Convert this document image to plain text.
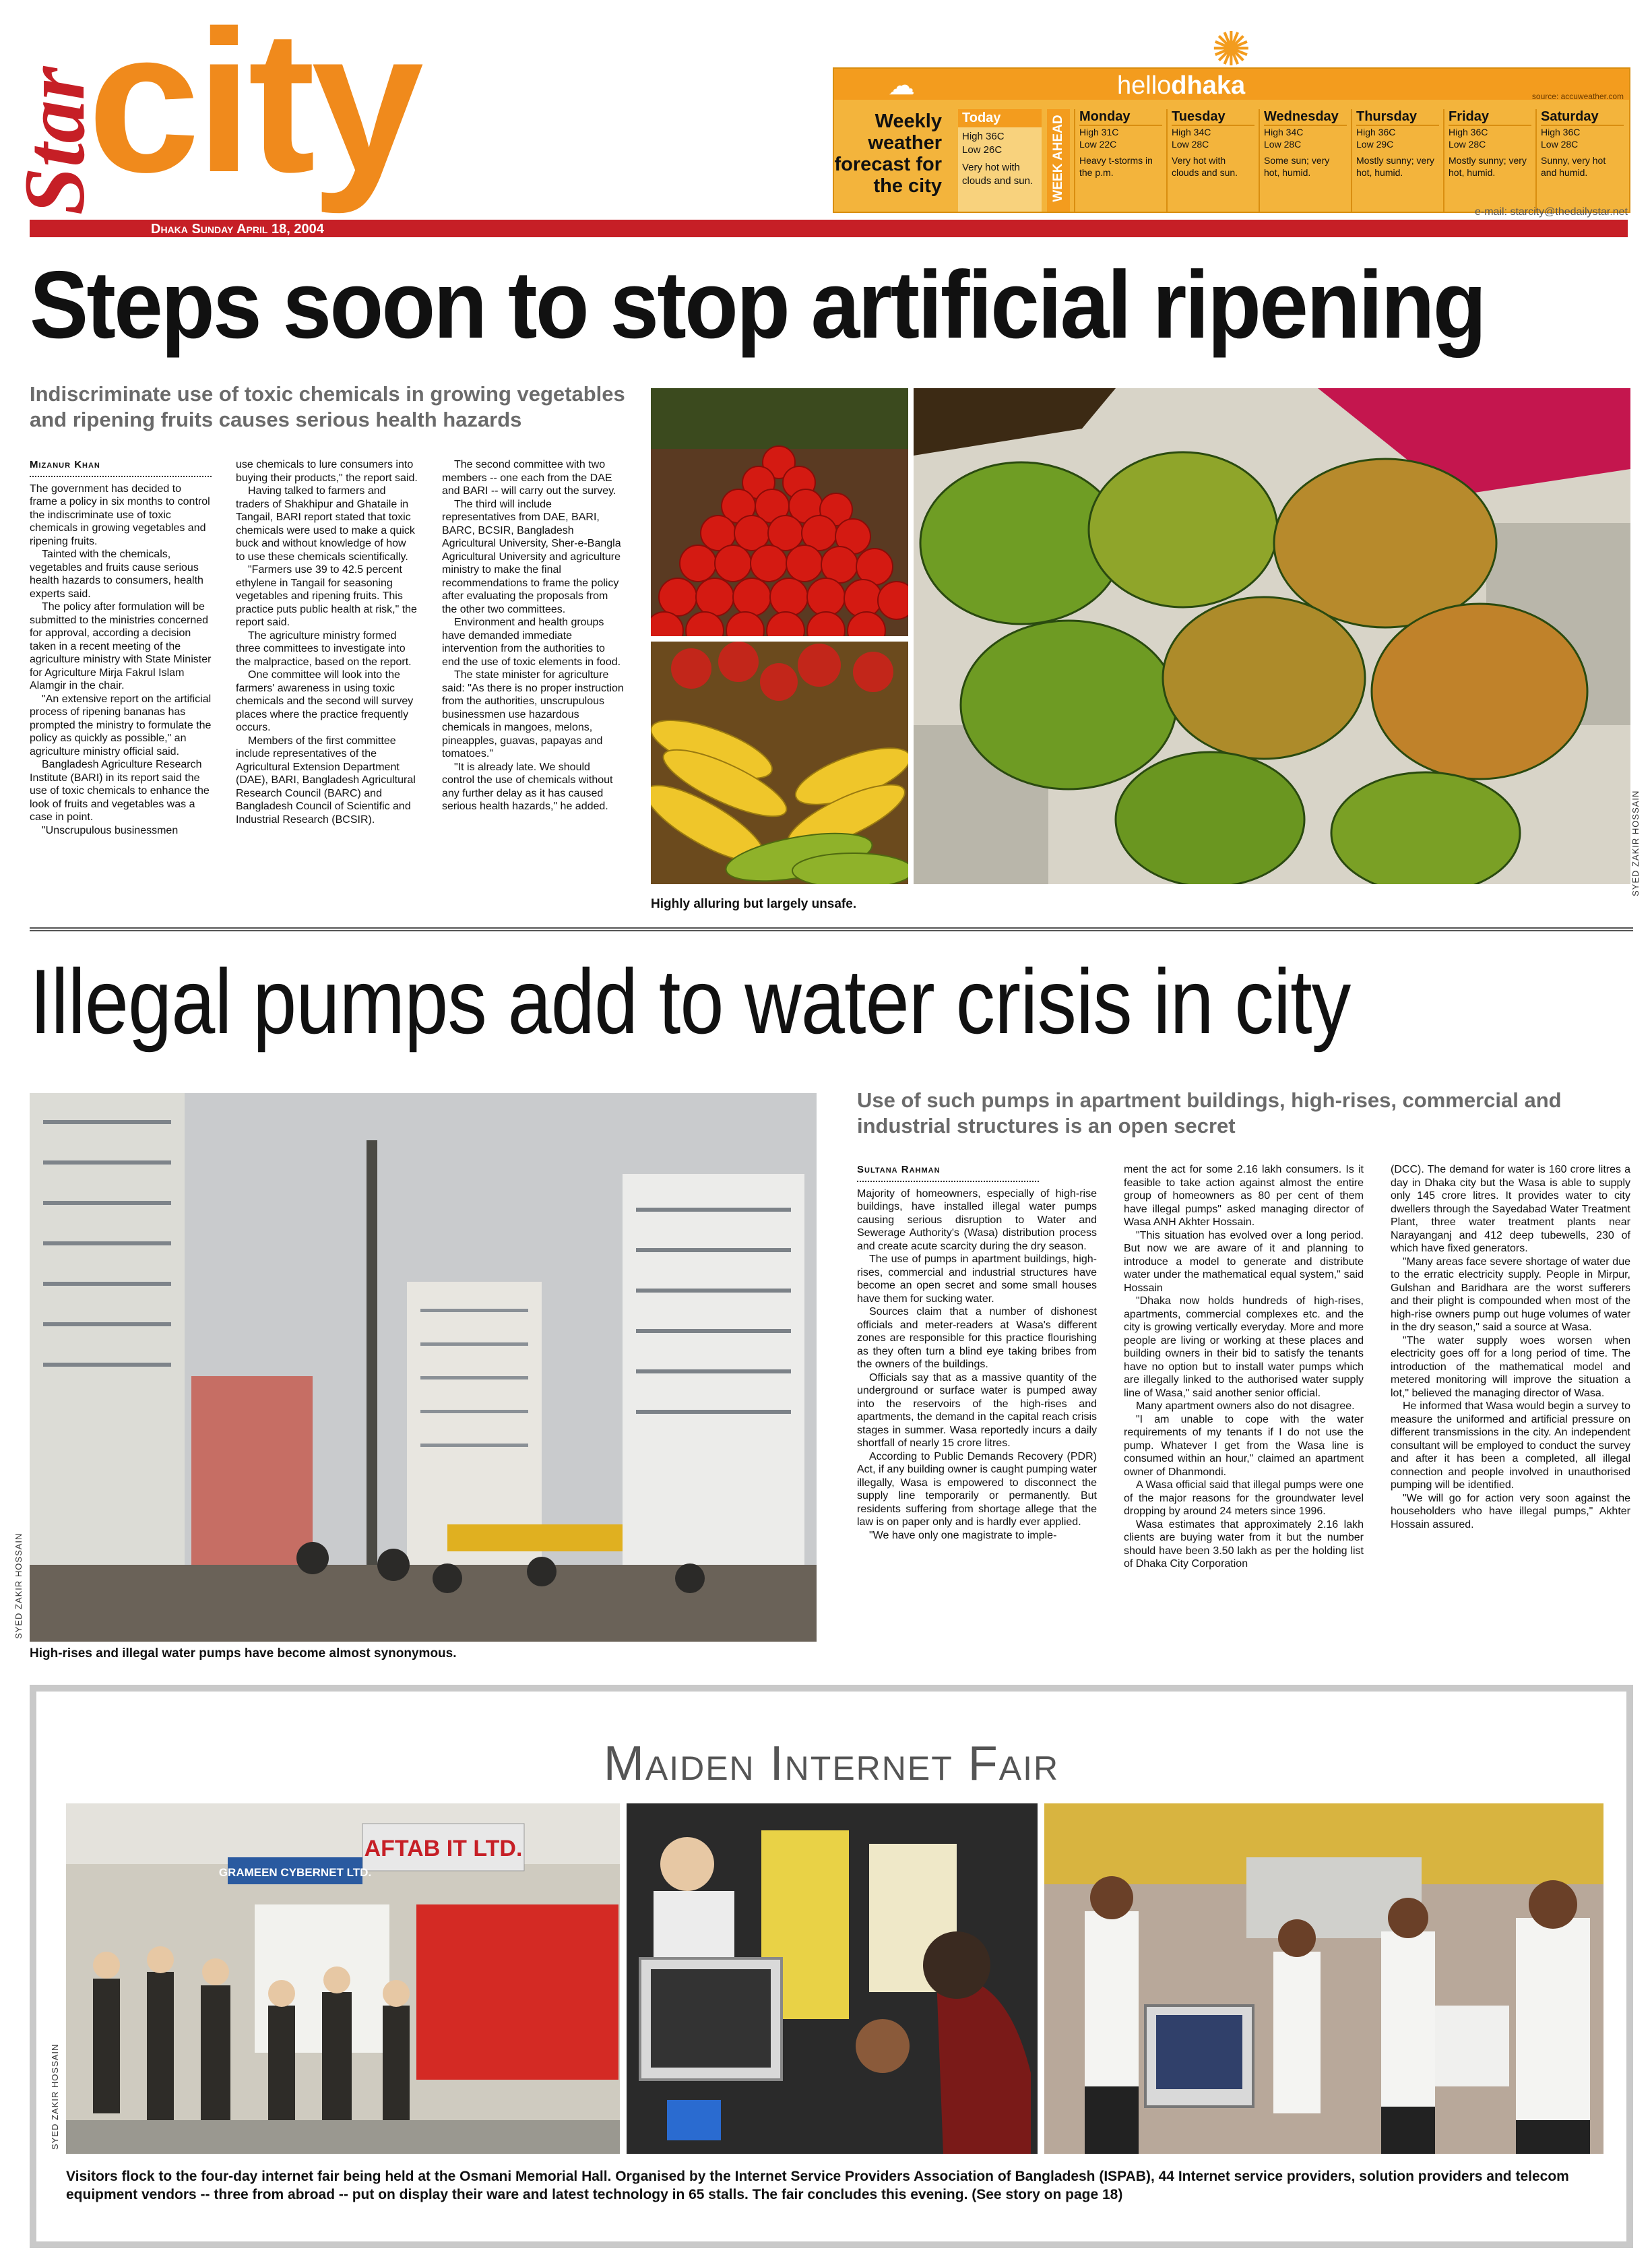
Star
city	☁	hellodhaka	source: accuweather.com
✺
Weekly weather forecast for the city
Today

High 36C

Low 26C

Very hot with clouds and sun.	WEEK AHEAD Monday

High 31C

Low 22C

Heavy t-storms in the p.m.

Tuesday

High 34C

Low 28C

Very hot with clouds and sun.

Wednesday

High 34C

Low 28C

Some sun; very hot, humid.

Thursday

High 36C

Low 29C

Mostly sunny; very hot, humid.

Friday

High 36C

Low 28C

Mostly sunny; very hot, humid.

Saturday

High 36C

Low 28C

Sunny, very hot and humid.

e-mail: starcity@thedailystar.net
Dhaka Sunday April 18, 2004
Steps soon to stop artificial ripening
Indiscriminate use of toxic chemicals in growing vegetables and ripening fruits causes serious health hazards
Mizanur Khan

The government has decided to frame a policy in six months to control the indiscriminate use of toxic chemicals in growing vegetables and ripening fruits.

Tainted with the chemicals, vegetables and fruits cause serious health hazards to consumers, health experts said.

The policy after formulation will be submitted to the ministries concerned for approval, according a decision taken in a recent meeting of the agriculture ministry with State Minister for Agriculture Mirja Fakrul Islam Alamgir in the chair.

"An extensive report on the artificial process of ripening bananas has prompted the ministry to formulate the policy as quickly as possible," an agriculture ministry official said.

Bangladesh Agriculture Research Institute (BARI) in its report said the use of toxic chemicals to enhance the look of fruits and vegetables was a case in point.

"Unscrupulous businessmen

use chemicals to lure consumers into buying their products," the report said.

Having talked to farmers and traders of Shakhipur and Ghataile in Tangail, BARI report stated that toxic chemicals were used to make a quick buck and without knowledge of how to use these chemicals scientifically.

"Farmers use 39 to 42.5 percent ethylene in Tangail for seasoning vegetables and ripening fruits. This practice puts public health at risk," the report said.

The agriculture ministry formed three committees to investigate into the malpractice, based on the report.

One committee will look into the farmers' awareness in using toxic chemicals and the second will survey places where the practice frequently occurs.

Members of the first committee include representatives of the Agricultural Extension Department (DAE), BARI, Bangladesh Agricultural Research Council (BARC) and Bangladesh Council of Scientific and Industrial Research (BCSIR).

The second committee with two members -- one each from the DAE and BARI -- will carry out the survey.

The third will include representatives from DAE, BARI, BARC, BCSIR, Bangladesh Agricultural University, Sher-e-Bangla Agricultural University and agriculture ministry to make the final recommendations to frame the policy after evaluating the proposals from the other two committees.

Environment and health groups have demanded immediate intervention from the authorities to end the use of toxic elements in food.

The state minister for agriculture said: "As there is no proper instruction from the authorities, unscrupulous businessmen use hazardous chemicals in mangoes, melons, pineapples, guavas, papayas and tomatoes."

"It is already late. We should control the use of chemicals without any further delay as it has caused serious health hazards," he added.	SYED ZAKIR HOSSAIN
Highly alluring but largely unsafe.
Illegal pumps add to water crisis in city
SYED ZAKIR HOSSAIN
High-rises and illegal water pumps have become almost synonymous.
Use of such pumps in apartment buildings, high-rises, commercial and industrial structures is an open secret
Sultana Rahman

Majority of homeowners, especially of high-rise buildings, have installed illegal water pumps causing serious disruption to Water and Sewerage Authority's (Wasa) distribution process and create acute scarcity during the dry season.

The use of pumps in apartment buildings, high-rises, commercial and industrial structures have become an open secret and some small houses have them for sucking water.

Sources claim that a number of dishonest officials and meter-readers at Wasa's different zones are responsible for this practice flourishing as they often turn a blind eye taking bribes from the owners of the buildings.

Officials say that as a massive quantity of the underground or surface water is pumped away into the reservoirs of the high-rises and apartments, the demand in the capital reach crisis stages in summer. Wasa reportedly incurs a daily shortfall of nearly 15 crore litres.

According to Public Demands Recovery (PDR) Act, if any building owner is caught pumping water illegally, Wasa is empowered to disconnect the supply line temporarily or permanently. But residents suffering from shortage allege that the law is on paper only and is hardly ever applied.

"We have only one magistrate to imple-

ment the act for some 2.16 lakh consumers. Is it feasible to take action against almost the entire group of homeowners as 80 per cent of them have illegal pumps" asked managing director of Wasa ANH Akhter Hossain.

"This situation has evolved over a long period. But now we are aware of it and planning to introduce a model to generate and distribute water under the mathematical equal system," said Hossain

"Dhaka now holds hundreds of high-rises, apartments, commercial complexes etc. and the city is growing vertically everyday. More and more people are living or working at these places and building owners in their bid to satisfy the tenants have no option but to install water pumps which are illegally linked to the authorised water supply line of Wasa," said another senior official.

Many apartment owners also do not disagree.

"I am unable to cope with the water requirements of my tenants if I do not use the pump. Whatever I get from the Wasa line is consumed within an hour," claimed an apartment owner of Dhanmondi.

A Wasa official said that illegal pumps were one of the major reasons for the groundwater level dropping by around 24 meters since 1996.

Wasa estimates that approximately 2.16 lakh clients are buying water from it but the number should have been 3.50 lakh as per the holding list of Dhaka City Corporation

(DCC). The demand for water is 160 crore litres a day in Dhaka city but the Wasa is able to supply only 145 crore litres. It provides water to city dwellers through the Sayedabad Water Treatment Plant, three water treatment plants near Narayanganj and 412 deep tubewells, 230 of which have fixed generators.

"Many areas face severe shortage of water due to the erratic electricity supply. People in Mirpur, Gulshan and Baridhara are the worst sufferers and their plight is compounded when most of the high-rise owners pump out huge volumes of water in the dry season," said a source at Wasa.

"The water supply woes worsen when electricity goes off for a long period of time. The introduction of the mathematical model and metered monitoring will improve the situation a lot," believed the managing director of Wasa.

He informed that Wasa would begin a survey to measure the uniformed and artificial pressure on different transmissions in the city. An independent consultant will be employed to conduct the survey and after it has been a completed, all illegal connection and people involved in unauthorised pumping will be identified.

"We will go for action very soon against the householders who have illegal pumps," Akhter Hossain assured.

Maiden Internet Fair
AFTAB IT LTD.
GRAMEEN CYBERNET LTD.
SYED ZAKIR HOSSAIN
Visitors flock to the four-day internet fair being held at the Osmani Memorial Hall. Organised by the Internet Service Providers Association of Bangladesh (ISPAB), 44 Internet service providers, solution providers and telecom equipment vendors -- three from abroad -- put on display their ware and latest technology in 65 stalls. The fair concludes this evening. (See story on page 18)
